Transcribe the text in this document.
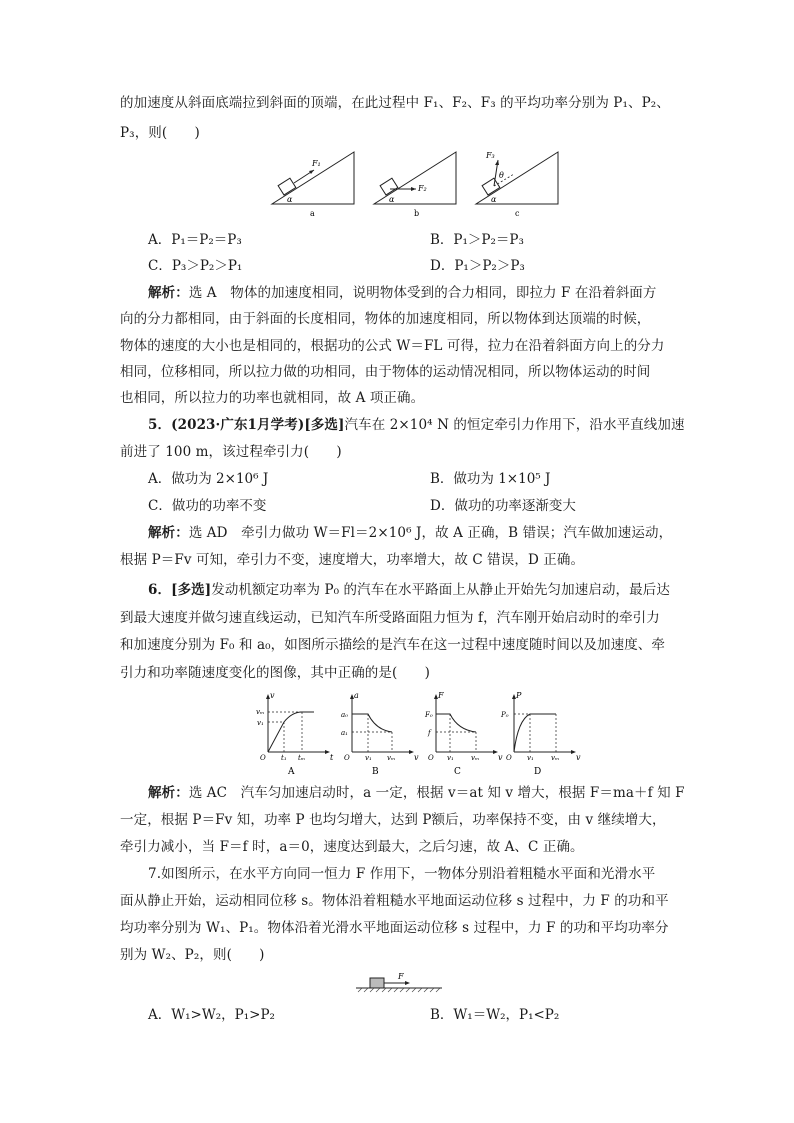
的加速度从斜面底端拉到斜面的顶端，在此过程中 F₁、F₂、F₃ 的平均功率分别为 P₁、P₂、
P₃，则(　　)
F₁
α
a
F₂
α
b
F₃
θ
α
c
A．P₁＝P₂＝P₃	B．P₁＞P₂＝P₃
C．P₃＞P₂＞P₁	D．P₁＞P₂＞P₃
解析：选 A　物体的加速度相同，说明物体受到的合力相同，即拉力 F 在沿着斜面方
向的分力都相同，由于斜面的长度相同，物体的加速度相同，所以物体到达顶端的时候，
物体的速度的大小也是相同的，根据功的公式 W＝FL 可得，拉力在沿着斜面方向上的分力
相同，位移相同，所以拉力做的功相同，由于物体的运动情况相同，所以物体运动的时间
也相同，所以拉力的功率也就相同，故 A 项正确。
5．(2023·广东1月学考)[多选]汽车在 2×10⁴ N 的恒定牵引力作用下，沿水平直线加速
前进了 100 m，该过程牵引力(　　)
A．做功为 2×10⁶ J	B．做功为 1×10⁵ J
C．做功的功率不变	D．做功的功率逐渐变大
解析：选 AD　牵引力做功 W＝Fl＝2×10⁶ J，故 A 正确，B 错误；汽车做加速运动，
根据 P＝Fv 可知，牵引力不变，速度增大，功率增大，故 C 错误，D 正确。
6．[多选]发动机额定功率为 P₀ 的汽车在水平路面上从静止开始先匀加速启动，最后达
到最大速度并做匀速直线运动，已知汽车所受路面阻力恒为 f，汽车刚开始启动时的牵引力
和加速度分别为 F₀ 和 a₀，如图所示描绘的是汽车在这一过程中速度随时间以及加速度、牵
引力和功率随速度变化的图像，其中正确的是(　　)
v
t
vₘ
v₁
O t₁ tₘ
A
a
v
a₀
a₁
O v₁ vₘ
B
F
v
F₀
f
O v₁ vₘ
C
P
v
P₀
O v₁ vₘ
D
解析：选 AC　汽车匀加速启动时，a 一定，根据 v＝at 知 v 增大，根据 F＝ma＋f 知 F
一定，根据 P＝Fv 知，功率 P 也均匀增大，达到 P额后，功率保持不变，由 v 继续增大，
牵引力减小，当 F＝f 时，a＝0，速度达到最大，之后匀速，故 A、C 正确。
7.如图所示，在水平方向同一恒力 F 作用下，一物体分别沿着粗糙水平面和光滑水平
面从静止开始，运动相同位移 s。物体沿着粗糙水平地面运动位移 s 过程中，力 F 的功和平
均功率分别为 W₁、P₁。物体沿着光滑水平地面运动位移 s 过程中，力 F 的功和平均功率分
别为 W₂、P₂，则(　　)
F
A．W₁>W₂，P₁>P₂	B．W₁＝W₂，P₁<P₂
